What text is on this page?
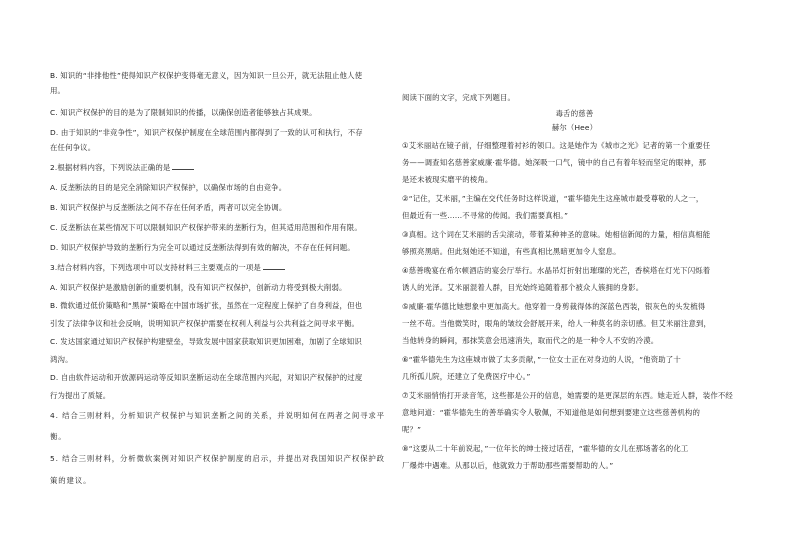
B. 知识的“非排他性”使得知识产权保护变得毫无意义，因为知识一旦公开，就无法阻止他人使
用。
C. 知识产权保护的目的是为了限制知识的传播，以确保创造者能够独占其成果。
D. 由于知识的“非竞争性”，知识产权保护制度在全球范围内都得到了一致的认可和执行，不存
在任何争议。
2.根据材料内容，下列说法正确的是
A. 反垄断法的目的是完全消除知识产权保护，以确保市场的自由竞争。
B. 知识产权保护与反垄断法之间不存在任何矛盾，两者可以完全协调。
C. 反垄断法在某些情况下可以限制知识产权保护带来的垄断行为，但其适用范围和作用有限。
D. 知识产权保护导致的垄断行为完全可以通过反垄断法得到有效的解决，不存在任何问题。
3.结合材料内容，下列选项中可以支持材料三主要观点的一项是
A. 知识产权保护是激励创新的重要机制，没有知识产权保护，创新动力将受到极大削弱。
B. 微软通过低价策略和“黑屏”策略在中国市场扩张，虽然在一定程度上保护了自身利益，但也
引发了法律争议和社会反响，说明知识产权保护需要在权利人利益与公共利益之间寻求平衡。
C. 发达国家通过知识产权保护构建壁垒，导致发展中国家获取知识更加困难，加剧了全球知识
鸿沟。
D. 自由软件运动和开放源码运动等反知识垄断运动在全球范围内兴起，对知识产权保护的过度
行为提出了质疑。
4. 结合三则材料，分析知识产权保护与知识垄断之间的关系，并说明如何在两者之间寻求平
衡。
5. 结合三则材料，分析微软案例对知识产权保护制度的启示，并提出对我国知识产权保护政
策的建议。
阅读下面的文字，完成下列题目。
毒舌的慈善
赫尔（Hee）
①艾米丽站在镜子前，仔细整理着衬衫的领口。这是她作为《城市之光》记者的第一个重要任
务——调查知名慈善家威廉·霍华德。她深吸一口气，镜中的自己有着年轻而坚定的眼神，那
是还未被现实磨平的棱角。
②“记住，艾米丽，”主编在交代任务时这样说道，“霍华德先生这座城市最受尊敬的人之一，
但最近有一些……不寻常的传闻。我们需要真相。”
③真相。这个词在艾米丽的舌尖滚动，带着某种神圣的意味。她相信新闻的力量，相信真相能
够照亮黑暗。但此刻她还不知道，有些真相比黑暗更加令人窒息。
④慈善晚宴在希尔顿酒店的宴会厅举行。水晶吊灯折射出璀璨的光芒，香槟塔在灯光下闪烁着
诱人的光泽。艾米丽混着人群，目光始终追随着那个被众人簇拥的身影。
⑤威廉·霍华德比她想象中更加高大。他穿着一身剪裁得体的深蓝色西装，银灰色的头发梳得
一丝不苟。当他微笑时，眼角的皱纹会舒展开来，给人一种莫名的亲切感。但艾米丽注意到，
当他转身的瞬间，那抹笑意会迅速消失，取而代之的是一种令人不安的冷漠。
⑥“霍华德先生为这座城市做了太多贡献，”一位女士正在对身边的人说，“他资助了十
几所孤儿院，还建立了免费医疗中心。”
⑦艾米丽悄悄打开录音笔，这些都是公开的信息，她需要的是更深层的东西。她走近人群，装作不经
意地问道：“霍华德先生的善举确实令人敬佩，不知道他是如何想到要建立这些慈善机构的
呢？”
⑧“这要从二十年前说起，”一位年长的绅士接过话茬，“霍华德的女儿在那场著名的化工
厂爆炸中遇难。从那以后，他就致力于帮助那些需要帮助的人。”
